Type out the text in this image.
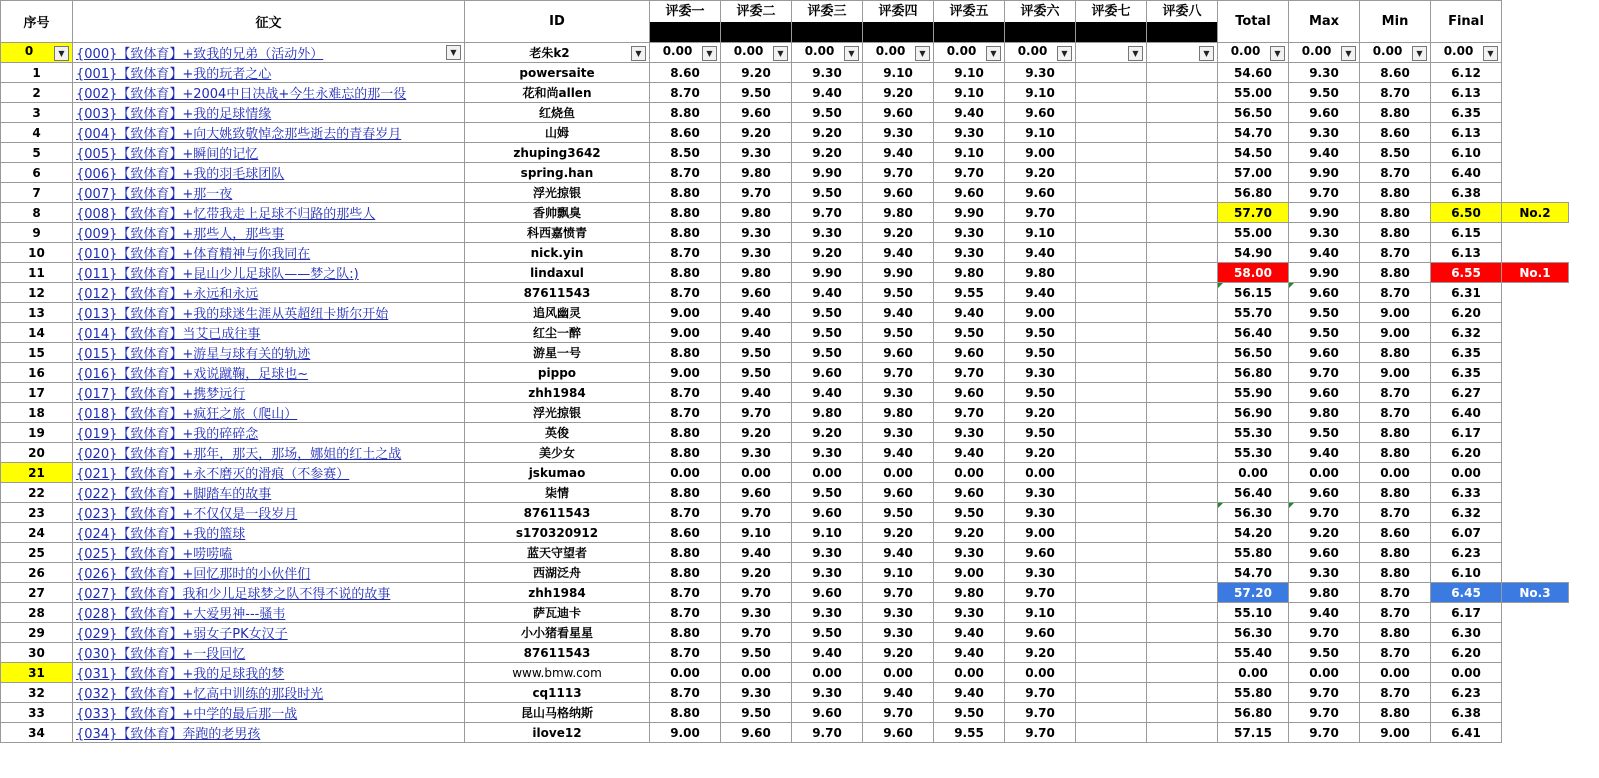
序号	征文	ID	评委一	评委二	评委三	评委四	评委五	评委六	评委七	评委八	Total	Max	Min	Final	
0 ▼	{000}【致体育】+致我的兄弟（活动外） ▼	老朱k2 ▼	0.00 ▼	0.00 ▼	0.00 ▼	0.00 ▼	0.00 ▼	0.00 ▼	▼	▼	0.00 ▼	0.00 ▼	0.00 ▼	0.00 ▼	

1	{001}【致体育】+我的玩者之心	powersaite	8.60	9.20	9.30	9.10	9.10	9.30			54.60	9.30	8.60	6.12	
2	{002}【致体育】+2004中日决战+今生永难忘的那一役	花和尚allen	8.70	9.50	9.40	9.20	9.10	9.10			55.00	9.50	8.70	6.13	
3	{003}【致体育】+我的足球情缘	红烧鱼	8.80	9.60	9.50	9.60	9.40	9.60			56.50	9.60	8.80	6.35	
4	{004}【致体育】+向大姚致敬悼念那些逝去的青春岁月	山姆	8.60	9.20	9.20	9.30	9.30	9.10			54.70	9.30	8.60	6.13	
5	{005}【致体育】+瞬间的记忆	zhuping3642	8.50	9.30	9.20	9.40	9.10	9.00			54.50	9.40	8.50	6.10	
6	{006}【致体育】+我的羽毛球团队	spring.han	8.70	9.80	9.90	9.70	9.70	9.20			57.00	9.90	8.70	6.40	
7	{007}【致体育】+那一夜	浮光掠银	8.80	9.70	9.50	9.60	9.60	9.60			56.80	9.70	8.80	6.38	
8	{008}【致体育】+忆带我走上足球不归路的那些人	香帅飘臭	8.80	9.80	9.70	9.80	9.90	9.70			57.70	9.90	8.80	6.50	No.2
9	{009}【致体育】+那些人，那些事	科西嘉愤青	8.80	9.30	9.30	9.20	9.30	9.10			55.00	9.30	8.80	6.15	
10	{010}【致体育】+体育精神与你我同在	nick.yin	8.70	9.30	9.20	9.40	9.30	9.40			54.90	9.40	8.70	6.13	
11	{011}【致体育】+昆山少儿足球队——梦之队:)	lindaxul	8.80	9.80	9.90	9.90	9.80	9.80			58.00	9.90	8.80	6.55	No.1
12	{012}【致体育】+永远和永远	87611543	8.70	9.60	9.40	9.50	9.55	9.40			56.15	9.60	8.70	6.31	
13	{013}【致体育】+我的球迷生涯从英超纽卡斯尔开始	追风幽灵	9.00	9.40	9.50	9.40	9.40	9.00			55.70	9.50	9.00	6.20	
14	{014}【致体育】当艾已成往事	红尘一醉	9.00	9.40	9.50	9.50	9.50	9.50			56.40	9.50	9.00	6.32	
15	{015}【致体育】+游星与球有关的轨迹	游星一号	8.80	9.50	9.50	9.60	9.60	9.50			56.50	9.60	8.80	6.35	
16	{016}【致体育】+戏说蹴鞠，足球也~	pippo	9.00	9.50	9.60	9.70	9.70	9.30			56.80	9.70	9.00	6.35	
17	{017}【致体育】+携梦远行	zhh1984	8.70	9.40	9.40	9.30	9.60	9.50			55.90	9.60	8.70	6.27	
18	{018}【致体育】+疯狂之旅（爬山）	浮光掠银	8.70	9.70	9.80	9.80	9.70	9.20			56.90	9.80	8.70	6.40	
19	{019}【致体育】+我的碎碎念	英俊	8.80	9.20	9.20	9.30	9.30	9.50			55.30	9.50	8.80	6.17	
20	{020}【致体育】+那年，那天，那场，娜姐的红土之战	美少女	8.80	9.30	9.30	9.40	9.40	9.20			55.30	9.40	8.80	6.20	
21	{021}【致体育】+永不磨灭的滑痕（不参赛）	jskumao	0.00	0.00	0.00	0.00	0.00	0.00			0.00	0.00	0.00	0.00	
22	{022}【致体育】+脚踏车的故事	柒情	8.80	9.60	9.50	9.60	9.60	9.30			56.40	9.60	8.80	6.33	
23	{023}【致体育】+不仅仅是一段岁月	87611543	8.70	9.70	9.60	9.50	9.50	9.30			56.30	9.70	8.70	6.32	
24	{024}【致体育】+我的篮球	s170320912	8.60	9.10	9.10	9.20	9.20	9.00			54.20	9.20	8.60	6.07	
25	{025}【致体育】+唠唠嗑	蓝天守望者	8.80	9.40	9.30	9.40	9.30	9.60			55.80	9.60	8.80	6.23	
26	{026}【致体育】+回忆那时的小伙伴们	西湖泛舟	8.80	9.20	9.30	9.10	9.00	9.30			54.70	9.30	8.80	6.10	
27	{027}【致体育】我和少儿足球梦之队不得不说的故事	zhh1984	8.70	9.70	9.60	9.70	9.80	9.70			57.20	9.80	8.70	6.45	No.3
28	{028}【致体育】+大爱男神---骚韦	萨瓦迪卡	8.70	9.30	9.30	9.30	9.30	9.10			55.10	9.40	8.70	6.17	
29	{029}【致体育】+弱女子PK女汉子	小小猪看星星	8.80	9.70	9.50	9.30	9.40	9.60			56.30	9.70	8.80	6.30	
30	{030}【致体育】+一段回忆	87611543	8.70	9.50	9.40	9.20	9.40	9.20			55.40	9.50	8.70	6.20	
31	{031}【致体育】+我的足球我的梦	www.bmw.com	0.00	0.00	0.00	0.00	0.00	0.00			0.00	0.00	0.00	0.00	
32	{032}【致体育】+忆高中训练的那段时光	cq1113	8.70	9.30	9.30	9.40	9.40	9.70			55.80	9.70	8.70	6.23	
33	{033}【致体育】+中学的最后那一战	昆山马格纳斯	8.80	9.50	9.60	9.70	9.50	9.70			56.80	9.70	8.80	6.38	
34	{034}【致体育】奔跑的老男孩	ilove12	9.00	9.60	9.70	9.60	9.55	9.70			57.15	9.70	9.00	6.41	
